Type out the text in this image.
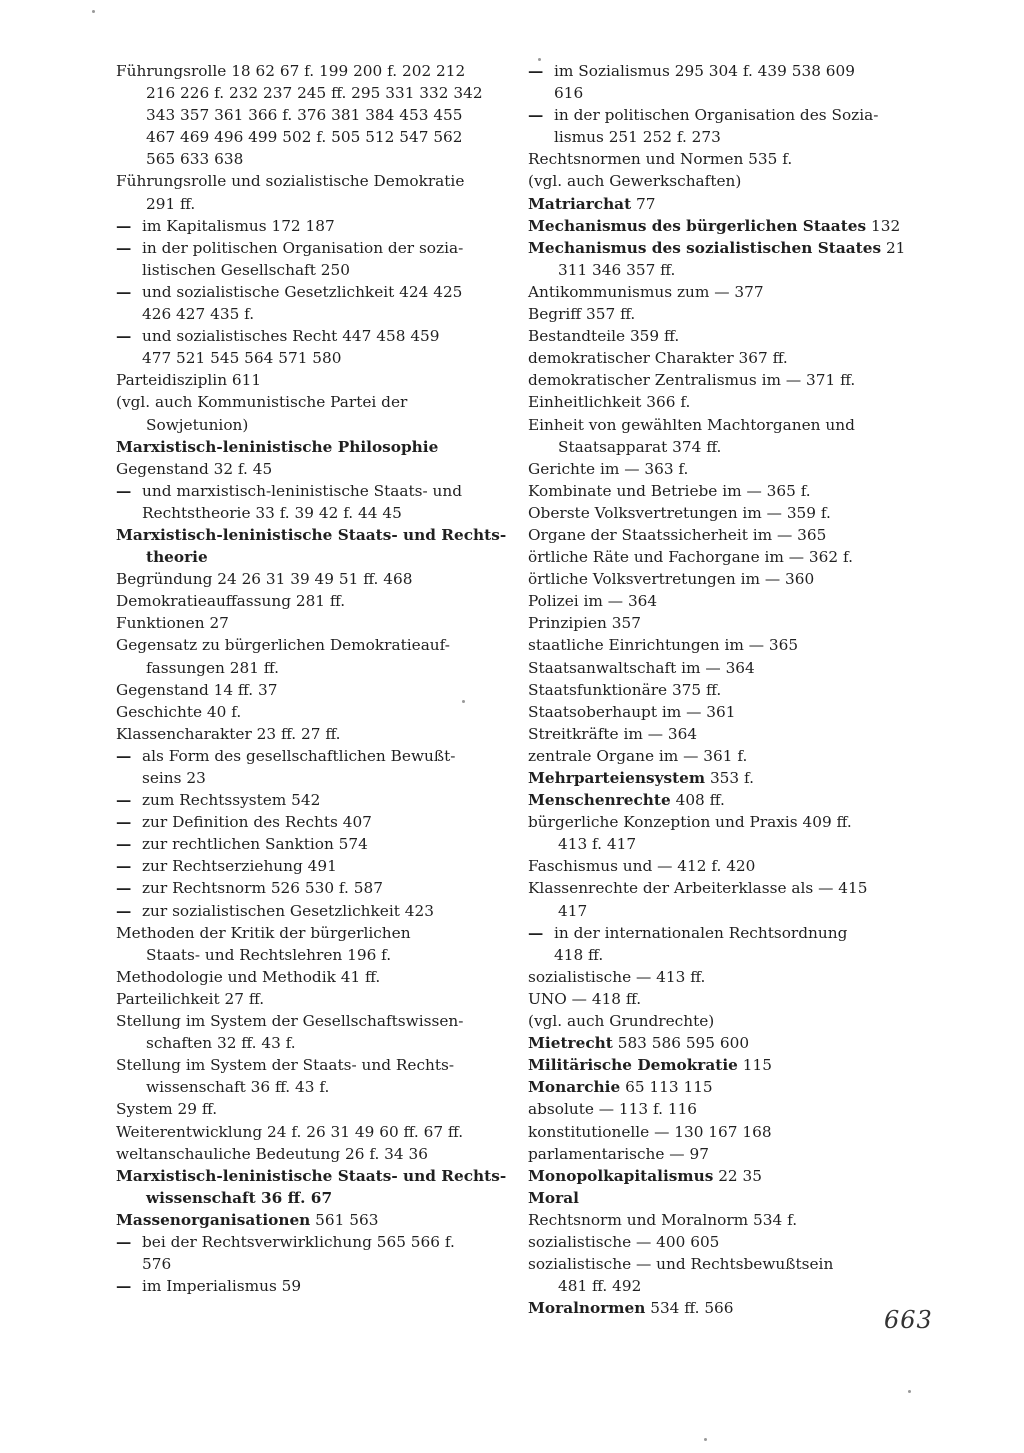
Führungsrolle 18 62 67 f. 199 200 f. 202 212
216 226 f. 232 237 245 ff. 295 331 332 342
343 357 361 366 f. 376 381 384 453 455
467 469 496 499 502 f. 505 512 547 562
565 633 638
Führungsrolle und sozialistische Demokratie
291 ff.
— im Kapitalismus 172 187
— in der politischen Organisation der sozia-
listischen Gesellschaft 250
— und sozialistische Gesetzlichkeit 424 425
426 427 435 f.
— und sozialistisches Recht 447 458 459
477 521 545 564 571 580
Parteidisziplin 611
(vgl. auch Kommunistische Partei der
Sowjetunion)
Marxistisch-leninistische Philosophie
Gegenstand 32 f. 45
— und marxistisch-leninistische Staats- und
Rechtstheorie 33 f. 39 42 f. 44 45
Marxistisch-leninistische Staats- und Rechts-
theorie
Begründung 24 26 31 39 49 51 ff. 468
Demokratieauffassung 281 ff.
Funktionen 27
Gegensatz zu bürgerlichen Demokratieauf-
fassungen 281 ff.
Gegenstand 14 ff. 37
Geschichte 40 f.
Klassencharakter 23 ff. 27 ff.
— als Form des gesellschaftlichen Bewußt-
seins 23
— zum Rechtssystem 542
— zur Definition des Rechts 407
— zur rechtlichen Sanktion 574
— zur Rechtserziehung 491
— zur Rechtsnorm 526 530 f. 587
— zur sozialistischen Gesetzlichkeit 423
Methoden der Kritik der bürgerlichen
Staats- und Rechtslehren 196 f.
Methodologie und Methodik 41 ff.
Parteilichkeit 27 ff.
Stellung im System der Gesellschaftswissen-
schaften 32 ff. 43 f.
Stellung im System der Staats- und Rechts-
wissenschaft 36 ff. 43 f.
System 29 ff.
Weiterentwicklung 24 f. 26 31 49 60 ff. 67 ff.
weltanschauliche Bedeutung 26 f. 34 36
Marxistisch-leninistische Staats- und Rechts-
wissenschaft 36 ff. 67
Massenorganisationen 561 563
— bei der Rechtsverwirklichung 565 566 f.
576
— im Imperialismus 59
— im Sozialismus 295 304 f. 439 538 609
616
— in der politischen Organisation des Sozia-
lismus 251 252 f. 273
Rechtsnormen und Normen 535 f.
(vgl. auch Gewerkschaften)
Matriarchat 77
Mechanismus des bürgerlichen Staates 132
Mechanismus des sozialistischen Staates 21
311 346 357 ff.
Antikommunismus zum — 377
Begriff 357 ff.
Bestandteile 359 ff.
demokratischer Charakter 367 ff.
demokratischer Zentralismus im — 371 ff.
Einheitlichkeit 366 f.
Einheit von gewählten Machtorganen und
Staatsapparat 374 ff.
Gerichte im — 363 f.
Kombinate und Betriebe im — 365 f.
Oberste Volksvertretungen im — 359 f.
Organe der Staatssicherheit im — 365
örtliche Räte und Fachorgane im — 362 f.
örtliche Volksvertretungen im — 360
Polizei im — 364
Prinzipien 357
staatliche Einrichtungen im — 365
Staatsanwaltschaft im — 364
Staatsfunktionäre 375 ff.
Staatsoberhaupt im — 361
Streitkräfte im — 364
zentrale Organe im — 361 f.
Mehrparteiensystem 353 f.
Menschenrechte 408 ff.
bürgerliche Konzeption und Praxis 409 ff.
413 f. 417
Faschismus und — 412 f. 420
Klassenrechte der Arbeiterklasse als — 415
417
— in der internationalen Rechtsordnung
418 ff.
sozialistische — 413 ff.
UNO — 418 ff.
(vgl. auch Grundrechte)
Mietrecht 583 586 595 600
Militärische Demokratie 115
Monarchie 65 113 115
absolute — 113 f. 116
konstitutionelle — 130 167 168
parlamentarische — 97
Monopolkapitalismus 22 35
Moral
Rechtsnorm und Moralnorm 534 f.
sozialistische — 400 605
sozialistische — und Rechtsbewußtsein
481 ff. 492
Moralnormen 534 ff. 566	663
